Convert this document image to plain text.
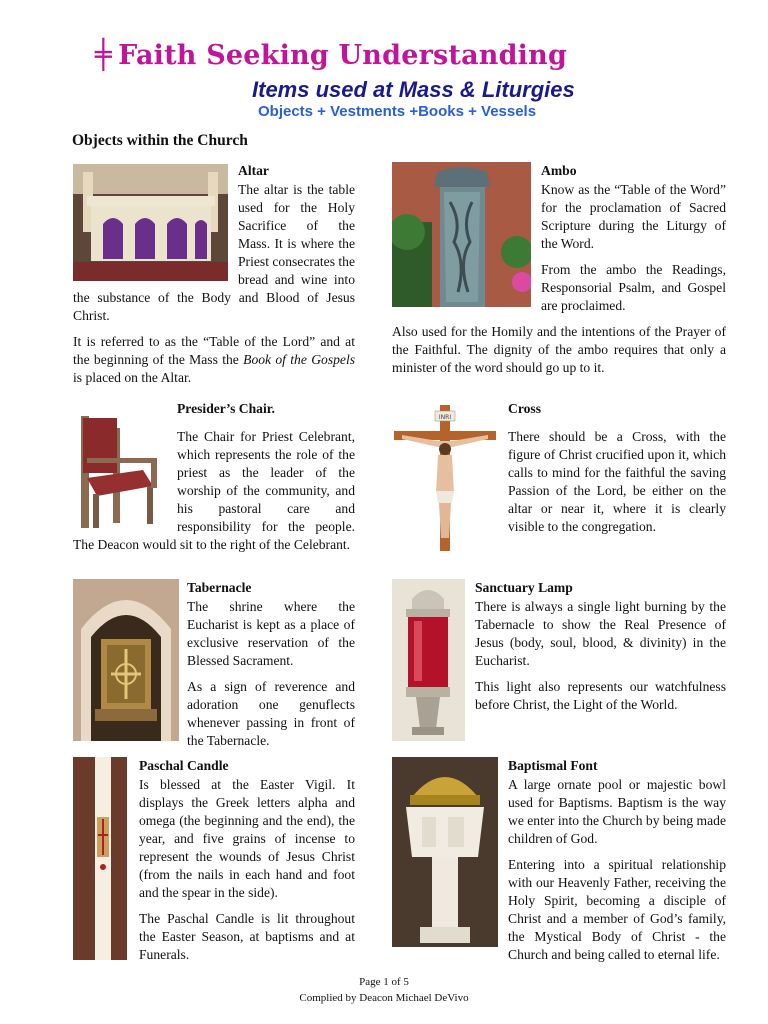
╪ Faith Seeking Understanding
Items used at Mass & Liturgies
Objects + Vestments +Books + Vessels
Objects within the Church

Altar

The altar is the table used for the Holy Sacrifice of the Mass. It is where the Priest consecrates the bread and wine into the substance of the Body and Blood of Jesus Christ.

It is referred to as the “Table of the Lord” and at the beginning of the Mass the Book of the Gospels is placed on the Altar.

Ambo

Know as the “Table of the Word” for the proclamation of Sacred Scripture during the Liturgy of the Word.

From the ambo the Readings, Responsorial Psalm, and Gospel are proclaimed.

Also used for the Homily and the intentions of the Prayer of the Faithful. The dignity of the ambo requires that only a minister of the word should go up to it.

Presider’s Chair.

The Chair for Priest Celebrant, which represents the role of the priest as the leader of the worship of the community, and his pastoral care and responsibility for the people. The Deacon would sit to the right of the Celebrant.

INRI

Cross

There should be a Cross, with the figure of Christ crucified upon it, which calls to mind for the faithful the saving Passion of the Lord, be either on the altar or near it, where it is clearly visible to the congregation.

Tabernacle

The shrine where the Eucharist is kept as a place of exclusive reservation of the Blessed Sacrament.

As a sign of reverence and adoration one genuflects whenever passing in front of the Tabernacle.

Sanctuary Lamp

There is always a single light burning by the Tabernacle to show the Real Presence of Jesus (body, soul, blood, & divinity) in the Eucharist.

This light also represents our watchfulness before Christ, the Light of the World.

Paschal Candle

Is blessed at the Easter Vigil. It displays the Greek letters alpha and omega (the beginning and the end), the year, and five grains of incense to represent the wounds of Jesus Christ (from the nails in each hand and foot and the spear in the side).

The Paschal Candle is lit throughout the Easter Season, at baptisms and at Funerals.

Baptismal Font

A large ornate pool or majestic bowl used for Baptisms. Baptism is the way we enter into the Church by being made children of God.

Entering into a spiritual relationship with our Heavenly Father, receiving the Holy Spirit, becoming a disciple of Christ and a member of God’s family, the Mystical Body of Christ - the Church and being called to eternal life.

Page 1 of 5
Complied by Deacon Michael DeVivo
